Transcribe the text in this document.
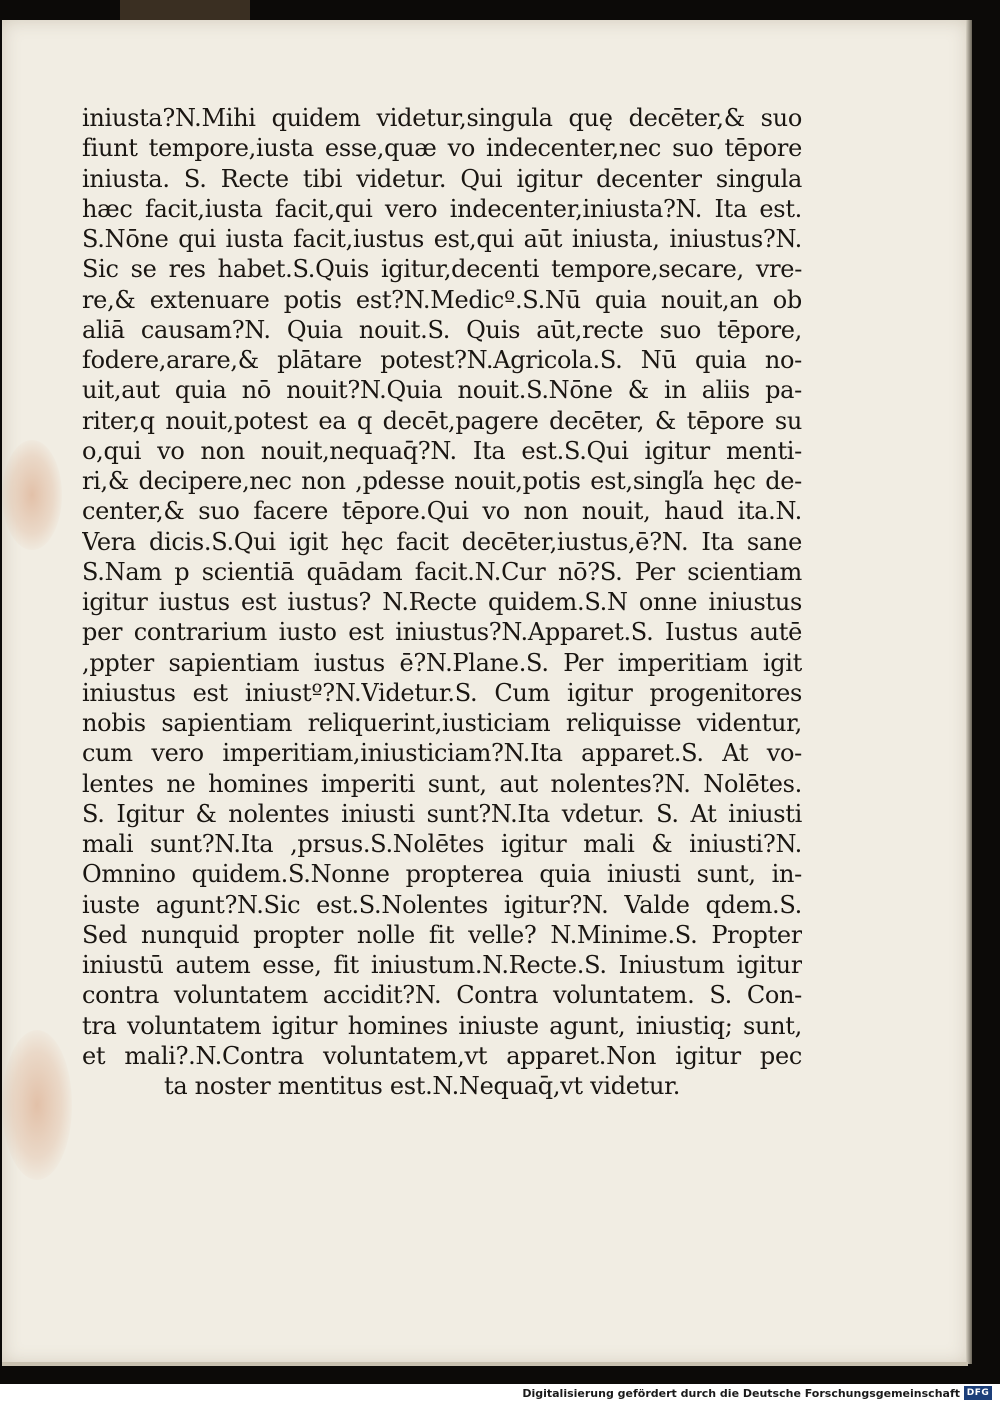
iniusta?N.Mihi quidem videtur,singula quę decēter,& suo
fiunt tempore,iusta esse,quæ vo indecenter,nec suo tēpore
iniusta. S. Recte tibi videtur. Qui igitur decenter singula
hæc facit,iusta facit,qui vero indecenter,iniusta?N. Ita est.
S.Nōne qui iusta facit,iustus est,qui aūt iniusta, iniustus?N.
Sic se res habet.S.Quis igitur,decenti tempore,secare, vre-
re,& extenuare potis est?N.Medicº.S.Nū quia nouit,an ob
aliā causam?N. Quia nouit.S. Quis aūt,recte suo tēpore,
fodere,arare,& plātare potest?N.Agricola.S. Nū quia no-
uit,aut quia nō nouit?N.Quia nouit.S.Nōne & in aliis pa-
riter,q nouit,potest ea q decēt,pagere decēter, & tēpore su
o,qui vo non nouit,nequaq̄?N. Ita est.S.Qui igitur menti-
ri,& decipere,nec non ,pdesse nouit,potis est,singľa hęc de-
center,& suo facere tēpore.Qui vo non nouit, haud ita.N.
Vera dicis.S.Qui igit hęc facit decēter,iustus,ē?N. Ita sane
S.Nam p scientiā quādam facit.N.Cur nō?S. Per scientiam
igitur iustus est iustus? N.Recte quidem.S.N onne iniustus
per contrarium iusto est iniustus?N.Apparet.S. Iustus autē
,ppter sapientiam iustus ē?N.Plane.S. Per imperitiam igit
iniustus est iniustº?N.Videtur.S. Cum igitur progenitores
nobis sapientiam reliquerint,iusticiam reliquisse videntur,
cum vero imperitiam,iniusticiam?N.Ita apparet.S. At vo-
lentes ne homines imperiti sunt, aut nolentes?N. Nolētes.
S. Igitur & nolentes iniusti sunt?N.Ita vdetur. S. At iniusti
mali sunt?N.Ita ,prsus.S.Nolētes igitur mali & iniusti?N.
Omnino quidem.S.Nonne propterea quia iniusti sunt, in-
iuste agunt?N.Sic est.S.Nolentes igitur?N. Valde qdem.S.
Sed nunquid propter nolle fit velle? N.Minime.S. Propter
iniustū autem esse, fit iniustum.N.Recte.S. Iniustum igitur
contra voluntatem accidit?N. Contra voluntatem. S. Con-
tra voluntatem igitur homines iniuste agunt, iniustiq; sunt,
et mali?.N.Contra voluntatem,vt apparet.Non igitur pec
ta noster mentitus est.N.Nequaq̄,vt videtur.
Digitalisierung gefördert durch die Deutsche Forschungsgemeinschaft DFG
